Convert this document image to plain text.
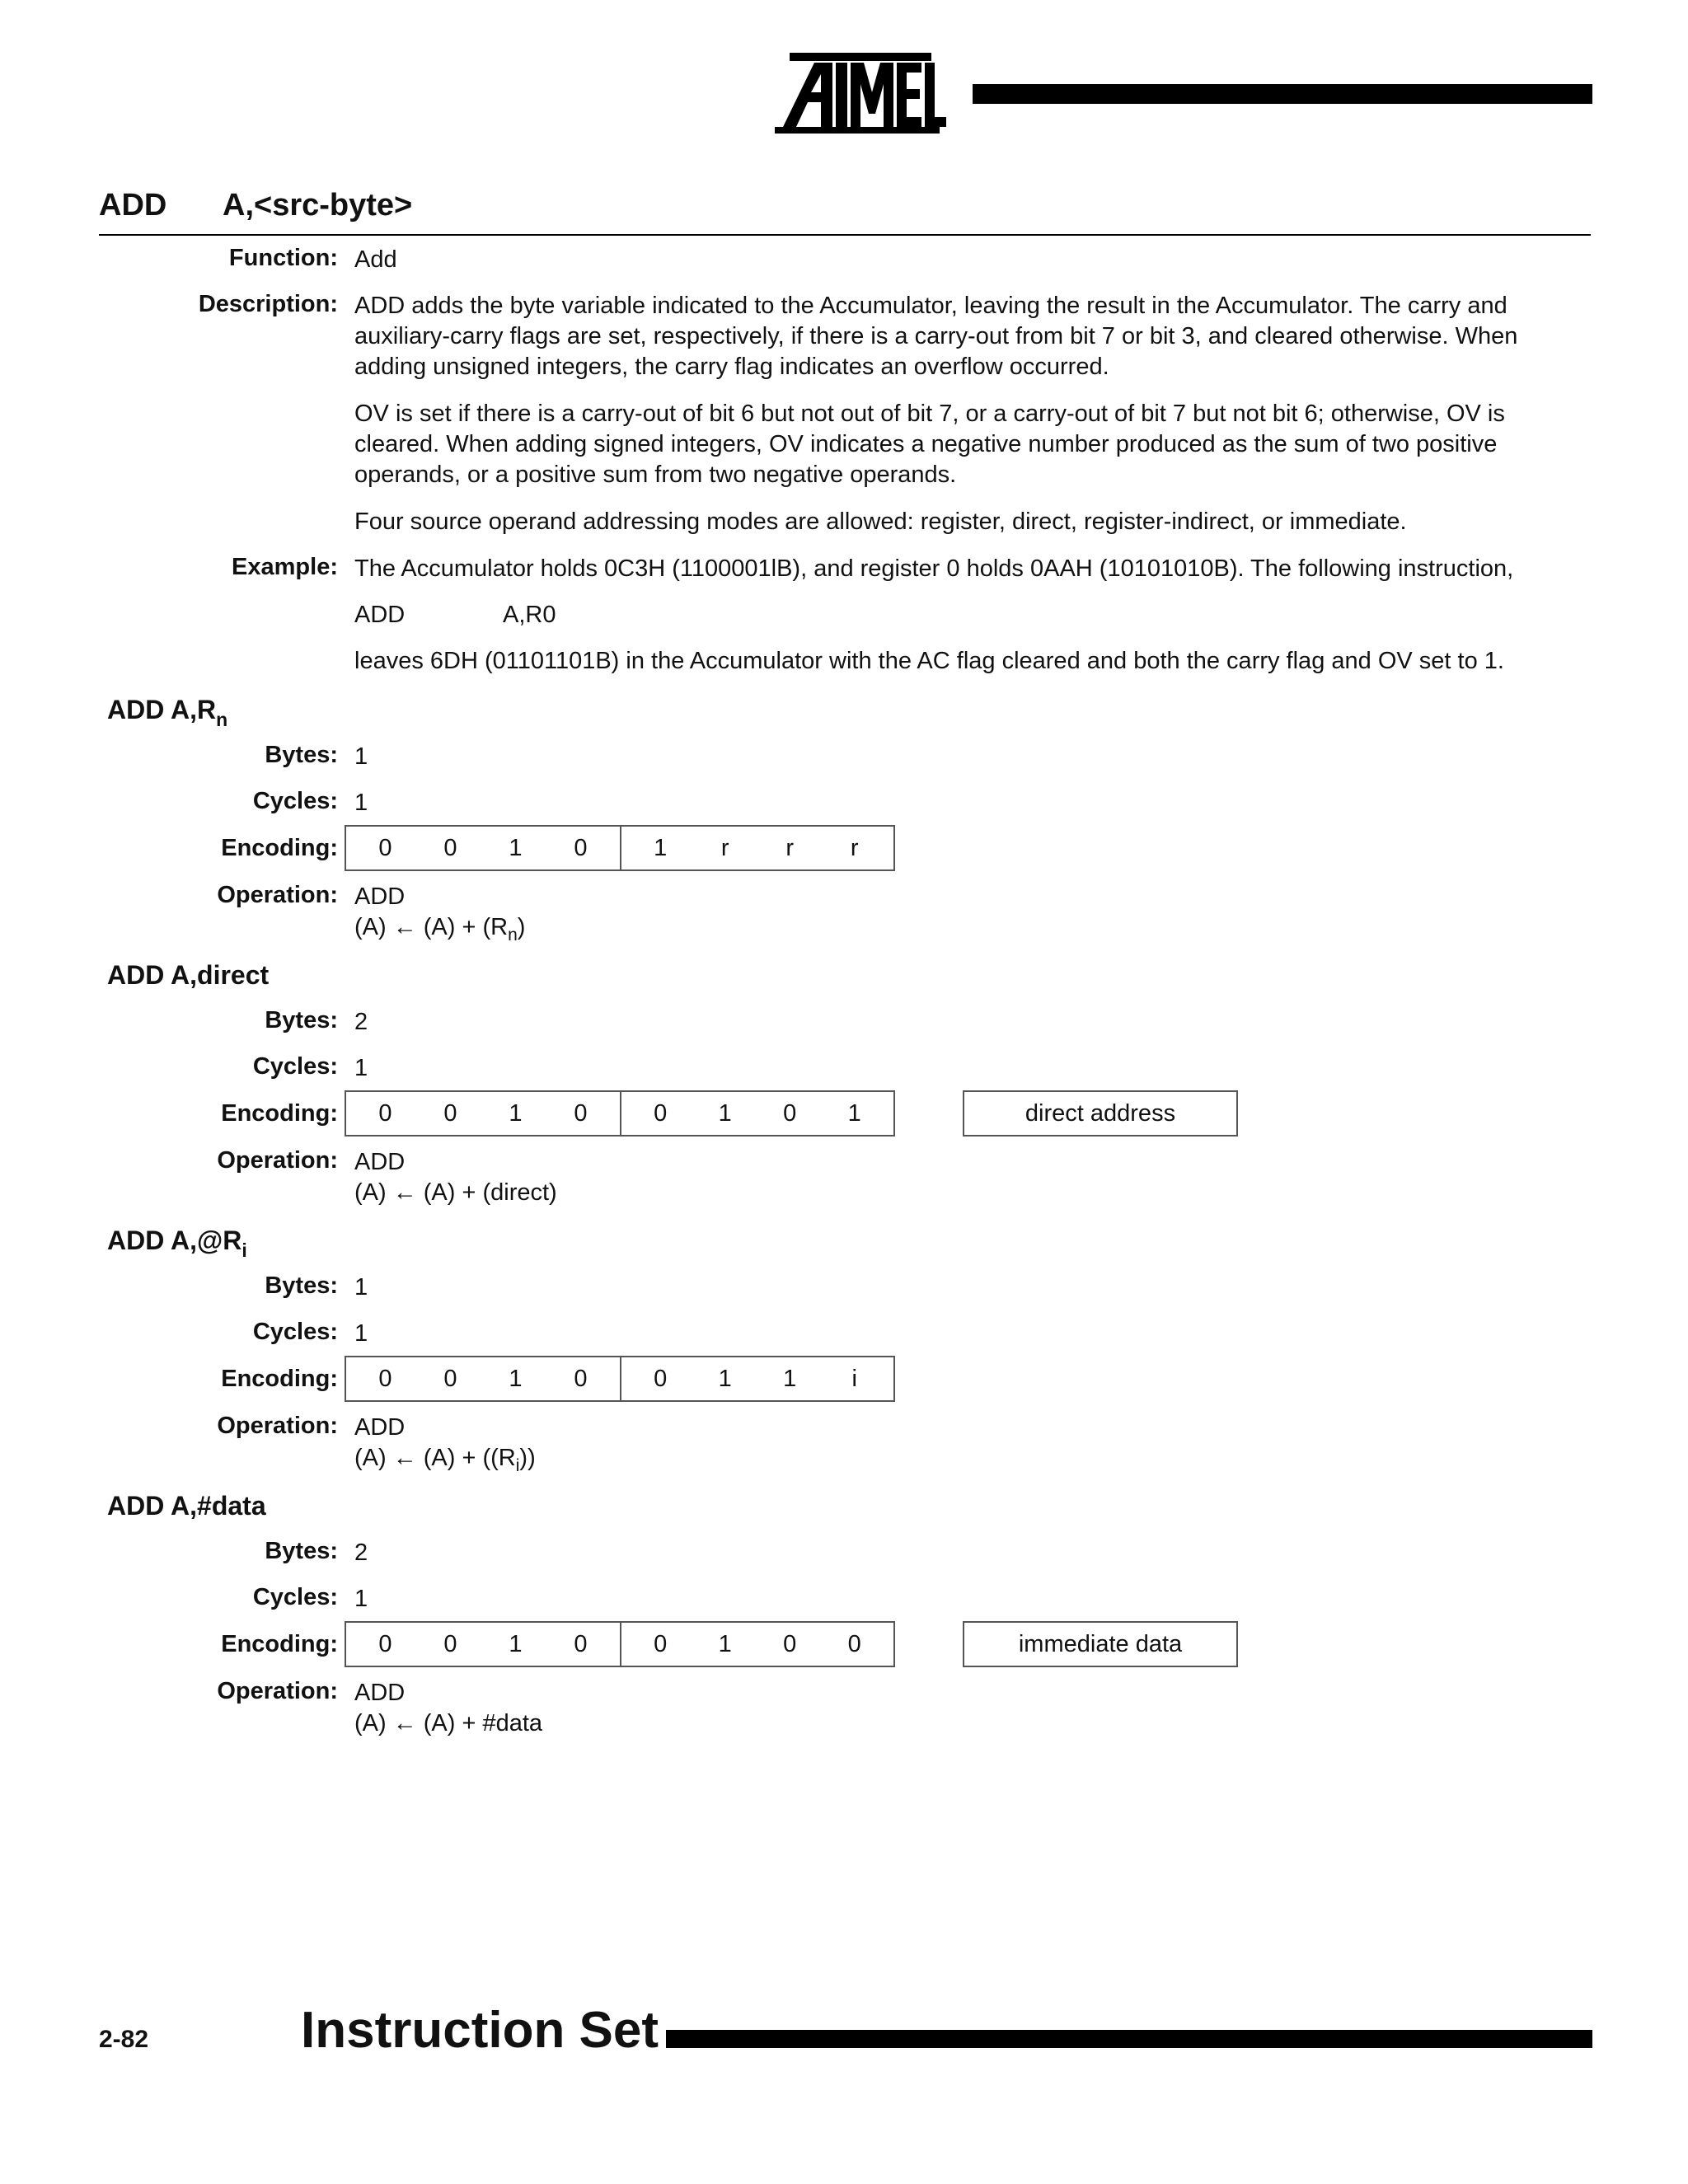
ADD A,<src-byte>
Function: Add
Description: ADD adds the byte variable indicated to the Accumulator, leaving the result in the Accumulator. The carry and auxiliary-carry flags are set, respectively, if there is a carry-out from bit 7 or bit 3, and cleared otherwise. When adding unsigned integers, the carry flag indicates an overflow occurred.
OV is set if there is a carry-out of bit 6 but not out of bit 7, or a carry-out of bit 7 but not bit 6; otherwise, OV is cleared. When adding signed integers, OV indicates a negative number produced as the sum of two positive operands, or a positive sum from two negative operands.
Four source operand addressing modes are allowed: register, direct, register-indirect, or immediate.
Example: The Accumulator holds 0C3H (1100001lB), and register 0 holds 0AAH (10101010B). The following instruction,
ADD	A,R0
leaves 6DH (01101101B) in the Accumulator with the AC flag cleared and both the carry flag and OV set to 1.
ADD $A,R_n$
Bytes: 1
Cycles: 1
Encoding:	0	0	1	0	1	r	r	r
Operation: ADD
(A) ← $(A) + (R_n)$
ADD A,direct
Bytes: 2
Cycles: 1
Encoding:	0	0	1	0	0	1	0	1	direct address
Operation: ADD
(A) ← (A) + (direct)
ADD $A,@R_i$
Bytes: 1
Cycles: 1
Encoding:	0	0	1	0	0	1	1	i
Operation: ADD
(A) ← $(A) + ((R_i))$
ADD A,#data
Bytes: 2
Cycles: 1
Encoding:	0	0	1	0	0	1	0	0	immediate data
Operation: ADD
(A) ← (A) + #data
2-82	Instruction Set
